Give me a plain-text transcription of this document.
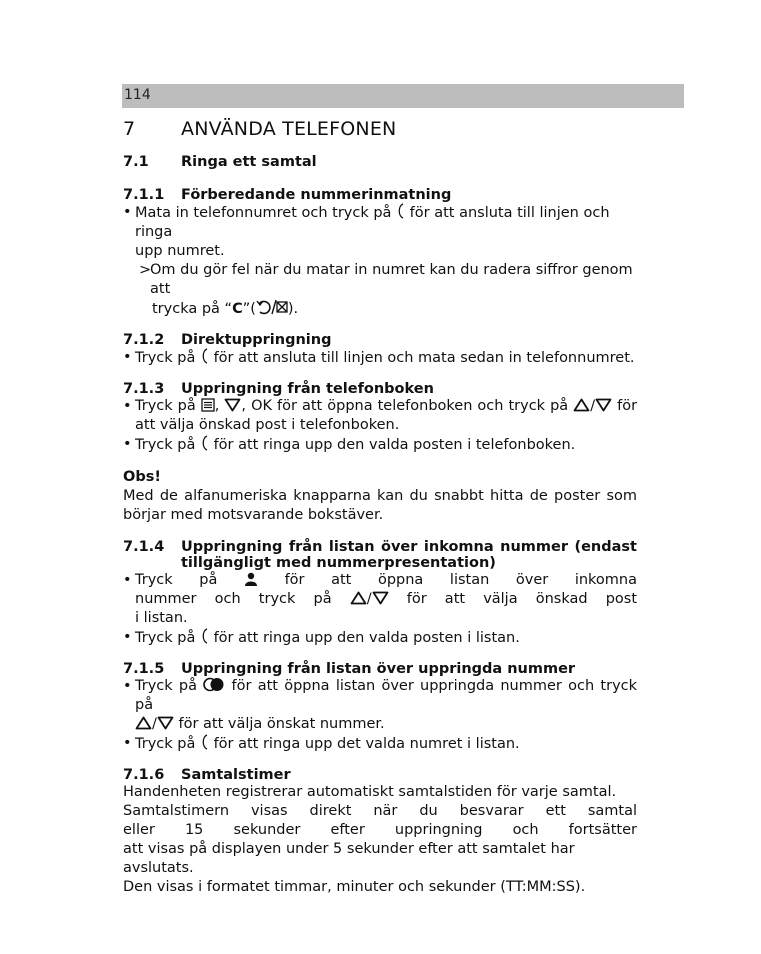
114
7	ANVÄNDA TELEFONEN
7.1	Ringa ett samtal
7.1.1	Förberedande nummerinmatning
• Mata in telefonnumret och tryck på för att ansluta till linjen och ringa
upp numret.
>
Om du gör fel när du matar in numret kan du radera siffror genom att
trycka på “C”( ).
7.1.2	Direktuppringning
• Tryck på för att ansluta till linjen och mata sedan in telefonnumret.
7.1.3	Uppringning från telefonboken
• Tryck på , , OK för att öppna telefonboken och tryck på / för
att välja önskad post i telefonboken.
• Tryck på för att ringa upp den valda posten i telefonboken.
Obs!
Med de alfanumeriska knapparna kan du snabbt hitta de poster som
börjar med motsvarande bokstäver.
7.1.4	Uppringning från listan över inkomna nummer (endast
tillgängligt med nummerpresentation)
• Tryck på	för att öppna listan över inkomna
nummer och tryck på / för att välja önskad post
i listan.
• Tryck på för att ringa upp den valda posten i listan.
7.1.5	Uppringning från listan över uppringda nummer
• Tryck på för att öppna listan över uppringda nummer och tryck på
/ för att välja önskat nummer.
• Tryck på för att ringa upp det valda numret i listan.
7.1.6	Samtalstimer
Handenheten registrerar automatiskt samtalstiden för varje samtal.
Samtalstimern visas direkt när du besvarar ett samtal
eller 15 sekunder efter uppringning och fortsätter
att visas på displayen under 5 sekunder efter att samtalet har avslutats.
Den visas i formatet timmar, minuter och sekunder (TT:MM:SS).
